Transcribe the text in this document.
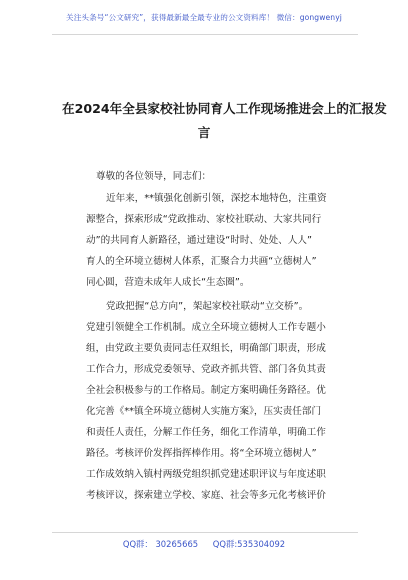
关注头条号“公文研究”，获得最新最全最专业的公文资料库！ 微信：gongwenyj
在2024年全县家校社协同育人工作现场推进会上的汇报发
言
尊敬的各位领导，同志们：
近年来，**镇强化创新引领，深挖本地特色，注重资
源整合，探索形成“党政推动、家校社联动、大家共同行
动”的共同育人新路径，通过建设“时时、处处、人人”
育人的全环境立德树人体系，汇聚合力共画“立德树人”
同心圆，营造未成年人成长“生态圈”。
党政把握“总方向”，架起家校社联动“立交桥”。
党建引领健全工作机制。成立全环境立德树人工作专题小
组，由党政主要负责同志任双组长，明确部门职责，形成
工作合力，形成党委领导、党政齐抓共管、部门各负其责
全社会积极参与的工作格局。制定方案明确任务路径。优
化完善《**镇全环境立德树人实施方案》，压实责任部门
和责任人责任，分解工作任务，细化工作清单，明确工作
路径。考核评价发挥指挥棒作用。将“全环境立德树人”
工作成效纳入镇村两级党组织抓党建述职评议与年度述职
考核评议，探索建立学校、家庭、社会等多元化考核评价
QQ群： 30265665 QQ群:535304092
